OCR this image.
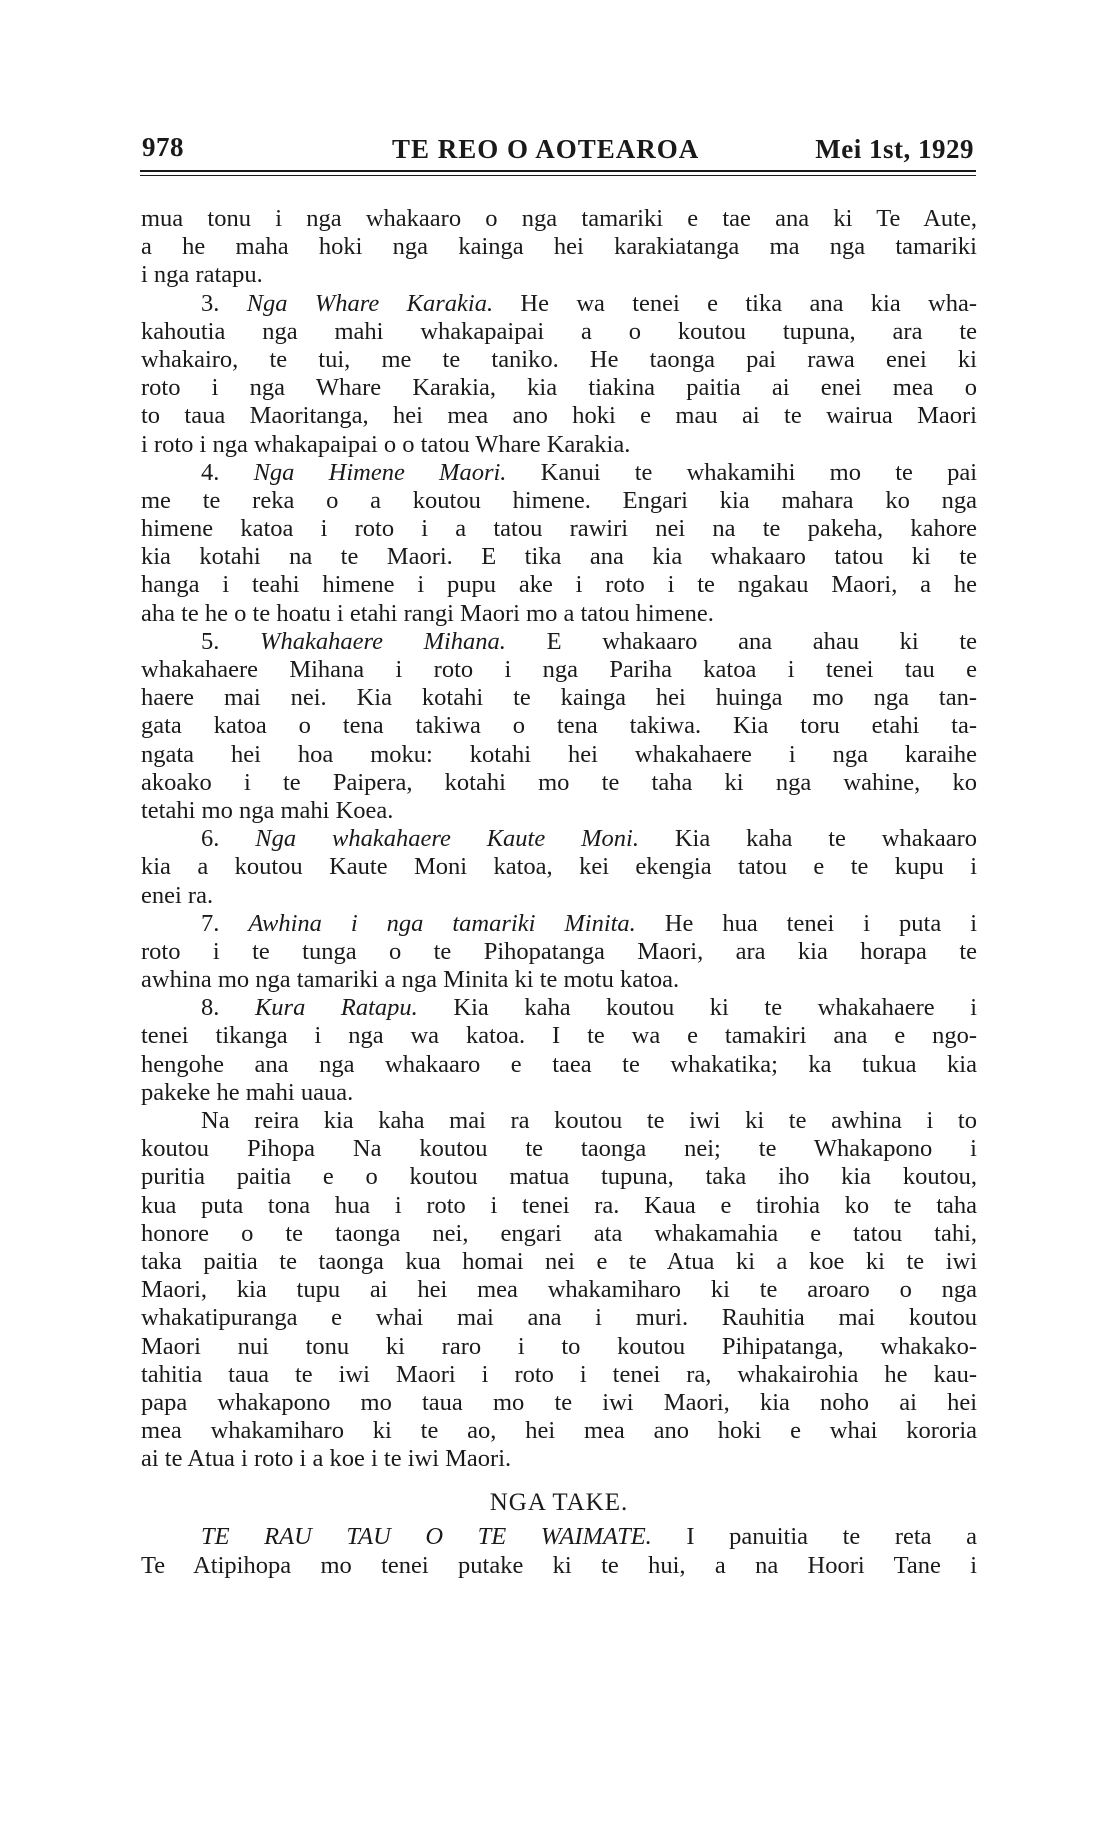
978	TE REO O AOTEAROA	Mei 1st, 1929
mua tonu i nga whakaaro o nga tamariki e tae ana ki Te Aute,
a he maha hoki nga kainga hei karakiatanga ma nga tamariki
i nga ratapu.
3. Nga Whare Karakia. He wa tenei e tika ana kia wha-
kahoutia nga mahi whakapaipai a o koutou tupuna, ara te
whakairo, te tui, me te taniko. He taonga pai rawa enei ki
roto i nga Whare Karakia, kia tiakina paitia ai enei mea o
to taua Maoritanga, hei mea ano hoki e mau ai te wairua Maori
i roto i nga whakapaipai o o tatou Whare Karakia.
4. Nga Himene Maori. Kanui te whakamihi mo te pai
me te reka o a koutou himene. Engari kia mahara ko nga
himene katoa i roto i a tatou rawiri nei na te pakeha, kahore
kia kotahi na te Maori. E tika ana kia whakaaro tatou ki te
hanga i teahi himene i pupu ake i roto i te ngakau Maori, a he
aha te he o te hoatu i etahi rangi Maori mo a tatou himene.
5. Whakahaere Mihana. E whakaaro ana ahau ki te
whakahaere Mihana i roto i nga Pariha katoa i tenei tau e
haere mai nei. Kia kotahi te kainga hei huinga mo nga tan-
gata katoa o tena takiwa o tena takiwa. Kia toru etahi ta-
ngata hei hoa moku: kotahi hei whakahaere i nga karaihe
akoako i te Paipera, kotahi mo te taha ki nga wahine, ko
tetahi mo nga mahi Koea.
6. Nga whakahaere Kaute Moni. Kia kaha te whakaaro
kia a koutou Kaute Moni katoa, kei ekengia tatou e te kupu i
enei ra.
7. Awhina i nga tamariki Minita. He hua tenei i puta i
roto i te tunga o te Pihopatanga Maori, ara kia horapa te
awhina mo nga tamariki a nga Minita ki te motu katoa.
8. Kura Ratapu. Kia kaha koutou ki te whakahaere i
tenei tikanga i nga wa katoa. I te wa e tamakiri ana e ngo-
hengohe ana nga whakaaro e taea te whakatika; ka tukua kia
pakeke he mahi uaua.
Na reira kia kaha mai ra koutou te iwi ki te awhina i to
koutou Pihopa Na koutou te taonga nei; te Whakapono i
puritia paitia e o koutou matua tupuna, taka iho kia koutou,
kua puta tona hua i roto i tenei ra. Kaua e tirohia ko te taha
honore o te taonga nei, engari ata whakamahia e tatou tahi,
taka paitia te taonga kua homai nei e te Atua ki a koe ki te iwi
Maori, kia tupu ai hei mea whakamiharo ki te aroaro o nga
whakatipuranga e whai mai ana i muri. Rauhitia mai koutou
Maori nui tonu ki raro i to koutou Pihipatanga, whakako-
tahitia taua te iwi Maori i roto i tenei ra, whakairohia he kau-
papa whakapono mo taua mo te iwi Maori, kia noho ai hei
mea whakamiharo ki te ao, hei mea ano hoki e whai kororia
ai te Atua i roto i a koe i te iwi Maori.
NGA TAKE.
TE RAU TAU O TE WAIMATE. I panuitia te reta a
Te Atipihopa mo tenei putake ki te hui, a na Hoori Tane i
